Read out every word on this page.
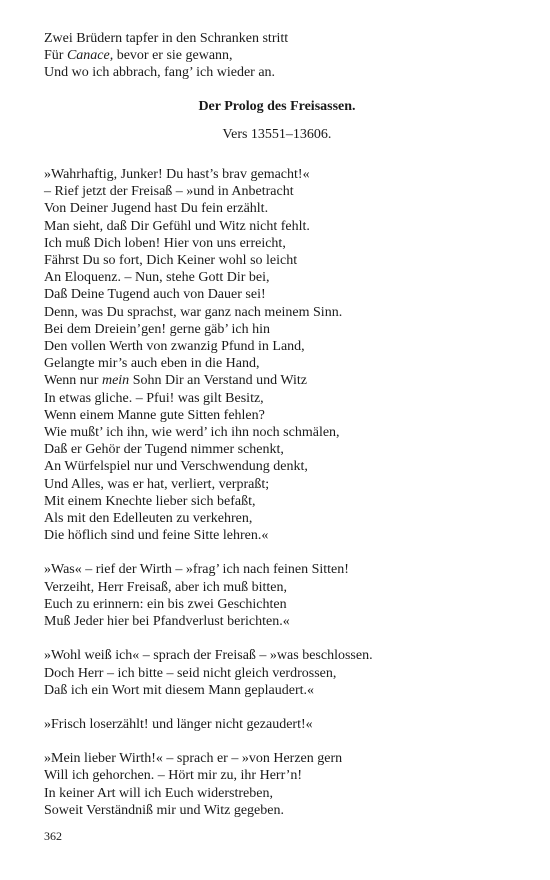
Zwei Brüdern tapfer in den Schranken stritt
Für Canace, bevor er sie gewann,
Und wo ich abbrach, fang’ ich wieder an.
Der Prolog des Freisassen.
Vers 13551–13606.
»Wahrhaftig, Junker! Du hast’s brav gemacht!«
– Rief jetzt der Freisaß – »und in Anbetracht
Von Deiner Jugend hast Du fein erzählt.
Man sieht, daß Dir Gefühl und Witz nicht fehlt.
Ich muß Dich loben! Hier von uns erreicht,
Fährst Du so fort, Dich Keiner wohl so leicht
An Eloquenz. – Nun, stehe Gott Dir bei,
Daß Deine Tugend auch von Dauer sei!
Denn, was Du sprachst, war ganz nach meinem Sinn.
Bei dem Dreiein’gen! gerne gäb’ ich hin
Den vollen Werth von zwanzig Pfund in Land,
Gelangte mir’s auch eben in die Hand,
Wenn nur mein Sohn Dir an Verstand und Witz
In etwas gliche. – Pfui! was gilt Besitz,
Wenn einem Manne gute Sitten fehlen?
Wie mußt’ ich ihn, wie werd’ ich ihn noch schmälen,
Daß er Gehör der Tugend nimmer schenkt,
An Würfelspiel nur und Verschwendung denkt,
Und Alles, was er hat, verliert, verpraßt;
Mit einem Knechte lieber sich befaßt,
Als mit den Edelleuten zu verkehren,
Die höflich sind und feine Sitte lehren.«
»Was« – rief der Wirth – »frag’ ich nach feinen Sitten!
Verzeiht, Herr Freisaß, aber ich muß bitten,
Euch zu erinnern: ein bis zwei Geschichten
Muß Jeder hier bei Pfandverlust berichten.«
»Wohl weiß ich« – sprach der Freisaß – »was beschlossen.
Doch Herr – ich bitte – seid nicht gleich verdrossen,
Daß ich ein Wort mit diesem Mann geplaudert.«
»Frisch loserzählt! und länger nicht gezaudert!«
»Mein lieber Wirth!« – sprach er – »von Herzen gern
Will ich gehorchen. – Hört mir zu, ihr Herr’n!
In keiner Art will ich Euch widerstreben,
Soweit Verständniß mir und Witz gegeben.
362
